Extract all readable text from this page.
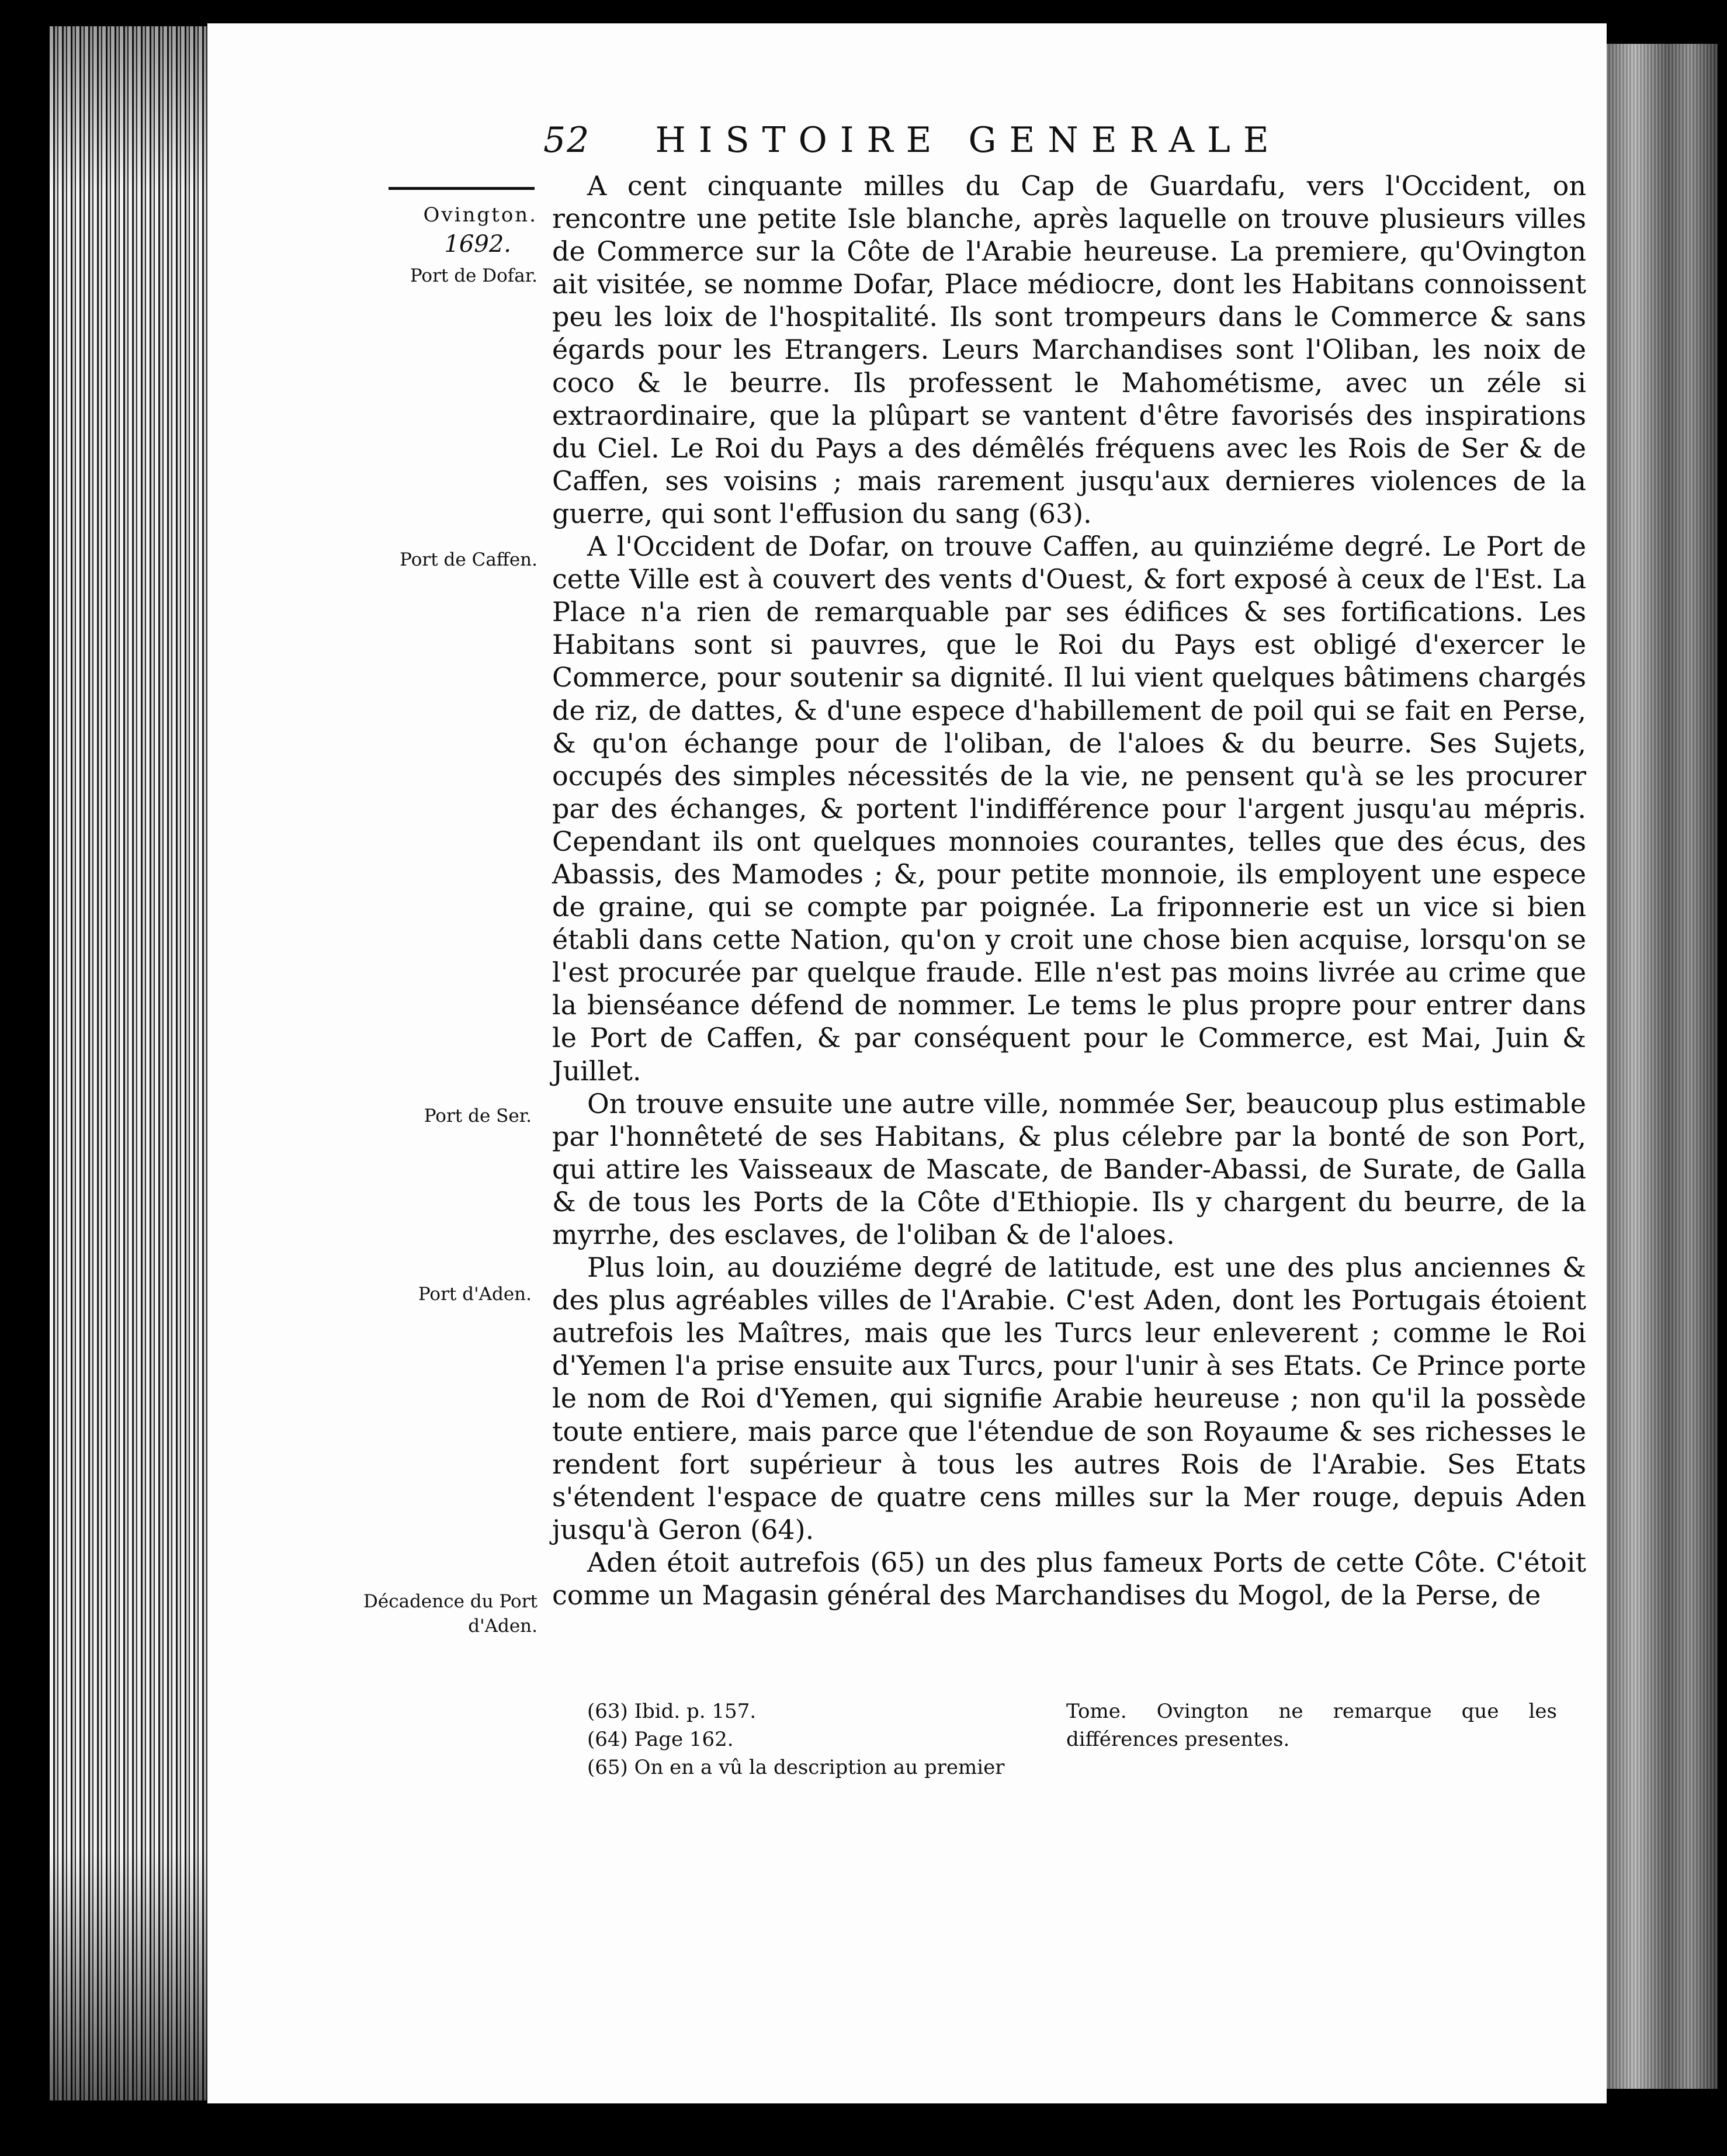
52 HISTOIRE GENERALE
Ovington.
1692.
Port de Dofar.
Port de Caffen.
Port de Ser.
Port d'Aden.
Décadence du Port d'Aden.

A cent cinquante milles du Cap de Guardafu, vers l'Occident, on rencontre une petite Isle blanche, après laquelle on trouve plusieurs villes de Commerce sur la Côte de l'Arabie heureuse. La premiere, qu'Ovington ait visitée, se nomme Dofar, Place médiocre, dont les Habitans connoissent peu les loix de l'hospitalité. Ils sont trompeurs dans le Commerce & sans égards pour les Etrangers. Leurs Marchandises sont l'Oliban, les noix de coco & le beurre. Ils professent le Mahométisme, avec un zéle si extraordinaire, que la plûpart se vantent d'être favorisés des inspirations du Ciel. Le Roi du Pays a des démêlés fréquens avec les Rois de Ser & de Caffen, ses voisins ; mais rarement jusqu'aux dernieres violences de la guerre, qui sont l'effusion du sang (63).

A l'Occident de Dofar, on trouve Caffen, au quinziéme degré. Le Port de cette Ville est à couvert des vents d'Ouest, & fort exposé à ceux de l'Est. La Place n'a rien de remarquable par ses édifices & ses fortifications. Les Habitans sont si pauvres, que le Roi du Pays est obligé d'exercer le Commerce, pour soutenir sa dignité. Il lui vient quelques bâtimens chargés de riz, de dattes, & d'une espece d'habillement de poil qui se fait en Perse, & qu'on échange pour de l'oliban, de l'aloes & du beurre. Ses Sujets, occupés des simples nécessités de la vie, ne pensent qu'à se les procurer par des échanges, & portent l'indifférence pour l'argent jusqu'au mépris. Cependant ils ont quelques monnoies courantes, telles que des écus, des Abassis, des Mamodes ; &, pour petite monnoie, ils employent une espece de graine, qui se compte par poignée. La friponnerie est un vice si bien établi dans cette Nation, qu'on y croit une chose bien acquise, lorsqu'on se l'est procurée par quelque fraude. Elle n'est pas moins livrée au crime que la bienséance défend de nommer. Le tems le plus propre pour entrer dans le Port de Caffen, & par conséquent pour le Commerce, est Mai, Juin & Juillet.

On trouve ensuite une autre ville, nommée Ser, beaucoup plus estimable par l'honnêteté de ses Habitans, & plus célebre par la bonté de son Port, qui attire les Vaisseaux de Mascate, de Bander-Abassi, de Surate, de Galla & de tous les Ports de la Côte d'Ethiopie. Ils y chargent du beurre, de la myrrhe, des esclaves, de l'oliban & de l'aloes.

Plus loin, au douziéme degré de latitude, est une des plus anciennes & des plus agréables villes de l'Arabie. C'est Aden, dont les Portugais étoient autrefois les Maîtres, mais que les Turcs leur enleverent ; comme le Roi d'Yemen l'a prise ensuite aux Turcs, pour l'unir à ses Etats. Ce Prince porte le nom de Roi d'Yemen, qui signifie Arabie heureuse ; non qu'il la possède toute entiere, mais parce que l'étendue de son Royaume & ses richesses le rendent fort supérieur à tous les autres Rois de l'Arabie. Ses Etats s'étendent l'espace de quatre cens milles sur la Mer rouge, depuis Aden jusqu'à Geron (64).

Aden étoit autrefois (65) un des plus fameux Ports de cette Côte. C'étoit comme un Magasin général des Marchandises du Mogol, de la Perse, de

(63) Ibid. p. 157.
(64) Page 162.
(65) On en a vû la description au premier
Tome. Ovington ne remarque que les différences presentes.
